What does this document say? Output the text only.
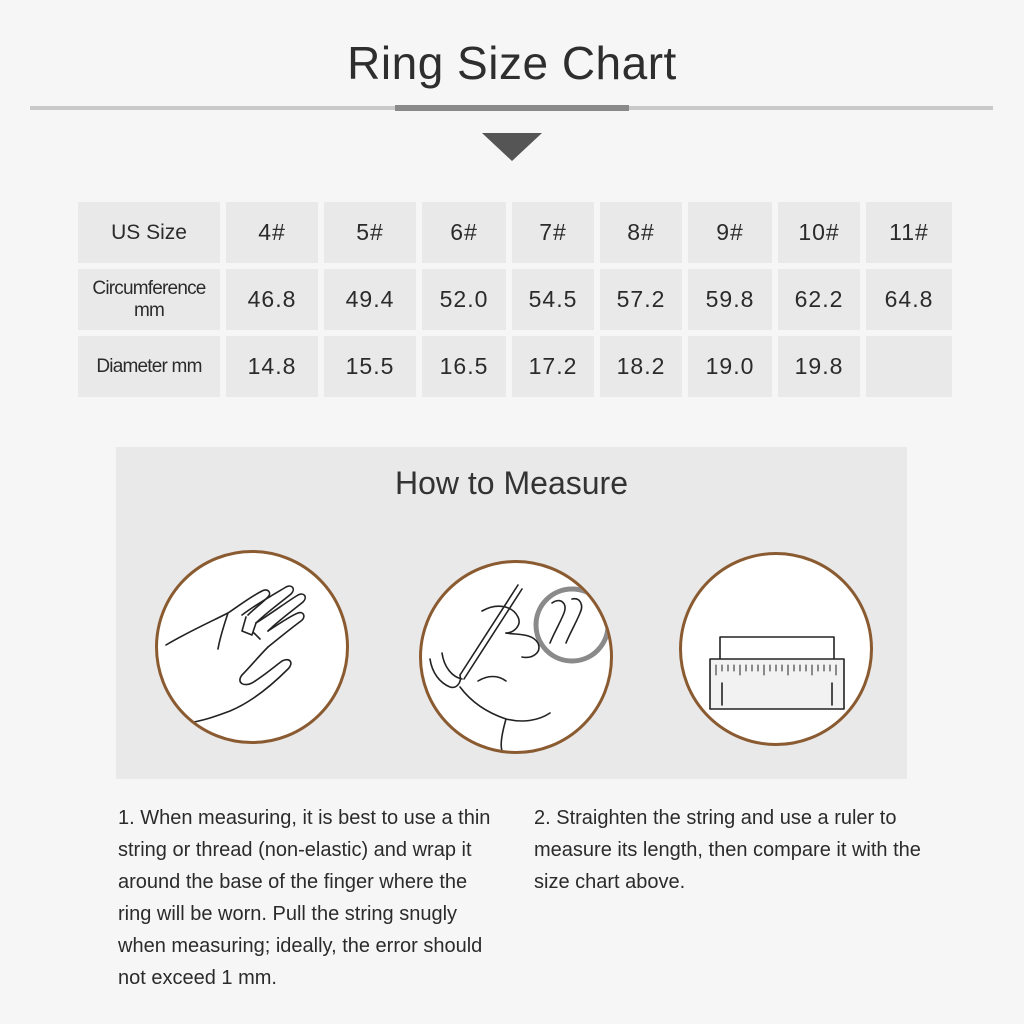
Ring Size Chart
US Size	4#	5#	6#	7#	8#	9#	10#	11#
Circumference mm	46.8	49.4	52.0	54.5	57.2	59.8	62.2	64.8
Diameter mm	14.8	15.5	16.5	17.2	18.2	19.0	19.8	
How to Measure
1. When measuring, it is best to use a thin string or thread (non-elastic) and wrap it around the base of the finger where the ring will be worn. Pull the string snugly when measuring; ideally, the error should not exceed 1 mm.
2. Straighten the string and use a ruler to measure its length, then compare it with the size chart above.
